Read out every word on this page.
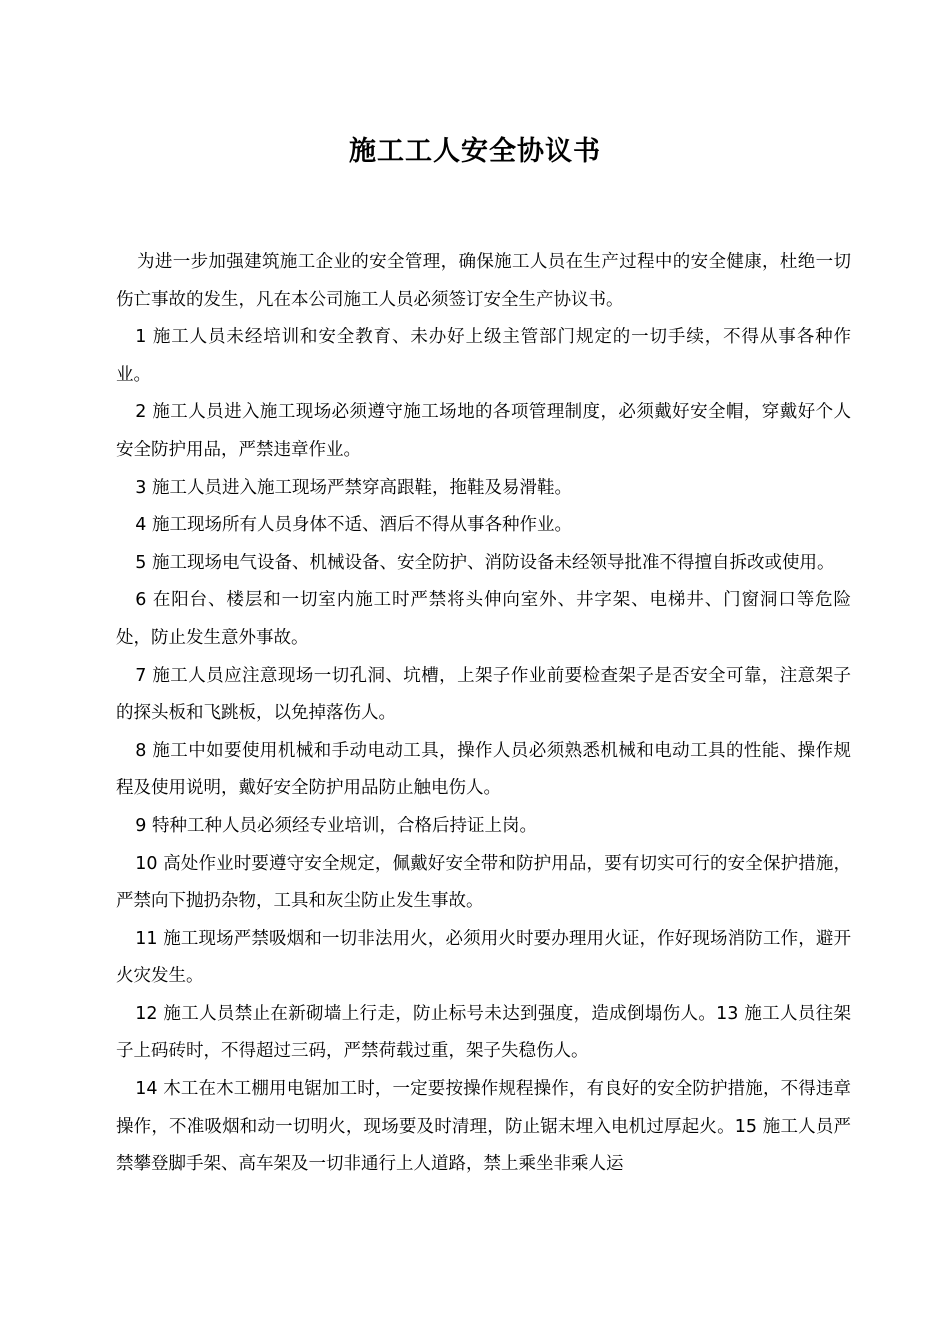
施工工人安全协议书

为进一步加强建筑施工企业的安全管理，确保施工人员在生产过程中的安全健康，杜绝一切伤亡事故的发生，凡在本公司施工人员必须签订安全生产协议书。

1 施工人员未经培训和安全教育、未办好上级主管部门规定的一切手续，不得从事各种作业。

2 施工人员进入施工现场必须遵守施工场地的各项管理制度，必须戴好安全帽，穿戴好个人安全防护用品，严禁违章作业。

3 施工人员进入施工现场严禁穿高跟鞋，拖鞋及易滑鞋。

4 施工现场所有人员身体不适、酒后不得从事各种作业。

5 施工现场电气设备、机械设备、安全防护、消防设备未经领导批准不得擅自拆改或使用。

6 在阳台、楼层和一切室内施工时严禁将头伸向室外、井字架、电梯井、门窗洞口等危险处，防止发生意外事故。

7 施工人员应注意现场一切孔洞、坑槽，上架子作业前要检查架子是否安全可靠，注意架子的探头板和飞跳板，以免掉落伤人。

8 施工中如要使用机械和手动电动工具，操作人员必须熟悉机械和电动工具的性能、操作规程及使用说明，戴好安全防护用品防止触电伤人。

9 特种工种人员必须经专业培训，合格后持证上岗。

10 高处作业时要遵守安全规定，佩戴好安全带和防护用品，要有切实可行的安全保护措施，严禁向下抛扔杂物，工具和灰尘防止发生事故。

11 施工现场严禁吸烟和一切非法用火，必须用火时要办理用火证，作好现场消防工作，避开火灾发生。

12 施工人员禁止在新砌墙上行走，防止标号未达到强度，造成倒塌伤人。13 施工人员往架子上码砖时，不得超过三码，严禁荷载过重，架子失稳伤人。

14 木工在木工棚用电锯加工时，一定要按操作规程操作，有良好的安全防护措施，不得违章操作，不准吸烟和动一切明火，现场要及时清理，防止锯末埋入电机过厚起火。15 施工人员严禁攀登脚手架、高车架及一切非通行上人道路，禁上乘坐非乘人运
